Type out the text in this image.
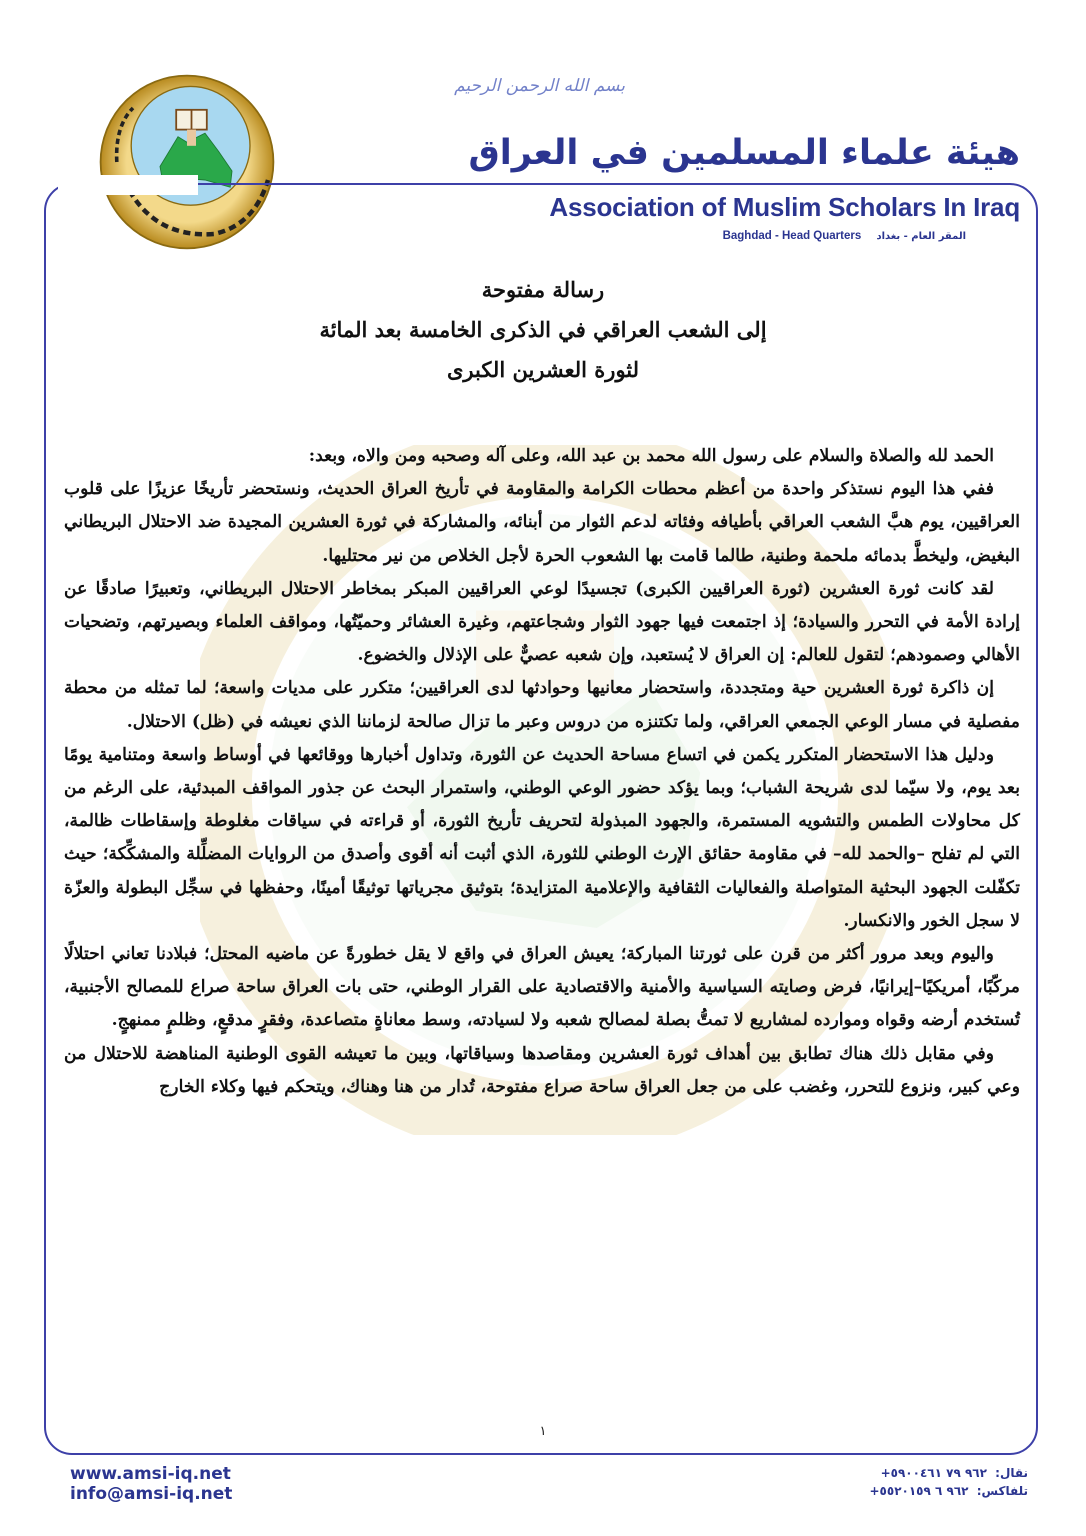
بسم الله الرحمن الرحيم
هيئة علماء المسلمين في العراق
Association of Muslim Scholars In Iraq
Baghdad - Head Quarters المقر العام - بغداد
رسالة مفتوحة
إلى الشعب العراقي في الذكرى الخامسة بعد المائة
لثورة العشرين الكبرى

الحمد لله والصلاة والسلام على رسول الله محمد بن عبد الله، وعلى آله وصحبه ومن والاه، وبعد:

ففي هذا اليوم نستذكر واحدة من أعظم محطات الكرامة والمقاومة في تأريخ العراق الحديث، ونستحضر تأريخًا عزيزًا على قلوب العراقيين، يوم هبَّ الشعب العراقي بأطيافه وفئاته لدعم الثوار من أبنائه، والمشاركة في ثورة العشرين المجيدة ضد الاحتلال البريطاني البغيض، وليخطَّ بدمائه ملحمة وطنية، طالما قامت بها الشعوب الحرة لأجل الخلاص من نير محتليها.

لقد كانت ثورة العشرين (ثورة العراقيين الكبرى) تجسيدًا لوعي العراقيين المبكر بمخاطر الاحتلال البريطاني، وتعبيرًا صادقًا عن إرادة الأمة في التحرر والسيادة؛ إذ اجتمعت فيها جهود الثوار وشجاعتهم، وغيرة العشائر وحميّتُها، ومواقف العلماء وبصيرتهم، وتضحيات الأهالي وصمودهم؛ لتقول للعالم: إن العراق لا يُستعبد، وإن شعبه عصيٌّ على الإذلال والخضوع.

إن ذاكرة ثورة العشرين حية ومتجددة، واستحضار معانيها وحوادثها لدى العراقيين؛ متكرر على مديات واسعة؛ لما تمثله من محطة مفصلية في مسار الوعي الجمعي العراقي، ولما تكتنزه من دروس وعبر ما تزال صالحة لزماننا الذي نعيشه في (ظل) الاحتلال.

ودليل هذا الاستحضار المتكرر يكمن في اتساع مساحة الحديث عن الثورة، وتداول أخبارها ووقائعها في أوساط واسعة ومتنامية يومًا بعد يوم، ولا سيّما لدى شريحة الشباب؛ وبما يؤكد حضور الوعي الوطني، واستمرار البحث عن جذور المواقف المبدئية، على الرغم من كل محاولات الطمس والتشويه المستمرة، والجهود المبذولة لتحريف تأريخ الثورة، أو قراءته في سياقات مغلوطة وإسقاطات ظالمة، التي لم تفلح –والحمد لله– في مقاومة حقائق الإرث الوطني للثورة، الذي أثبت أنه أقوى وأصدق من الروايات المضلِّلة والمشكِّكة؛ حيث تكفّلت الجهود البحثية المتواصلة والفعاليات الثقافية والإعلامية المتزايدة؛ بتوثيق مجرياتها توثيقًا أمينًا، وحفظها في سجِّل البطولة والعزّة لا سجل الخور والانكسار.

واليوم وبعد مرور أكثر من قرن على ثورتنا المباركة؛ يعيش العراق في واقع لا يقل خطورةً عن ماضيه المحتل؛ فبلادنا تعاني احتلالًا مركّبًا، أمريكيًا–إيرانيًا، فرض وصايته السياسية والأمنية والاقتصادية على القرار الوطني، حتى بات العراق ساحة صراع للمصالح الأجنبية، تُستخدم أرضه وقواه وموارده لمشاريع لا تمتُّ بصلة لمصالح شعبه ولا لسيادته، وسط معاناةٍ متصاعدة، وفقرٍ مدقعٍ، وظلمٍ ممنهجٍ.

وفي مقابل ذلك هناك تطابق بين أهداف ثورة العشرين ومقاصدها وسياقاتها، وبين ما تعيشه القوى الوطنية المناهضة للاحتلال من وعي كبير، ونزوع للتحرر، وغضب على من جعل العراق ساحة صراع مفتوحة، تُدار من هنا وهناك، ويتحكم فيها وكلاء الخارج

١
www.amsi-iq.net
info@amsi-iq.net
نقال: +٩٦٢ ٧٩ ٥٩٠٠٤٦١
تلفاكس: +٩٦٢ ٦ ٥٥٢٠١٥٩
